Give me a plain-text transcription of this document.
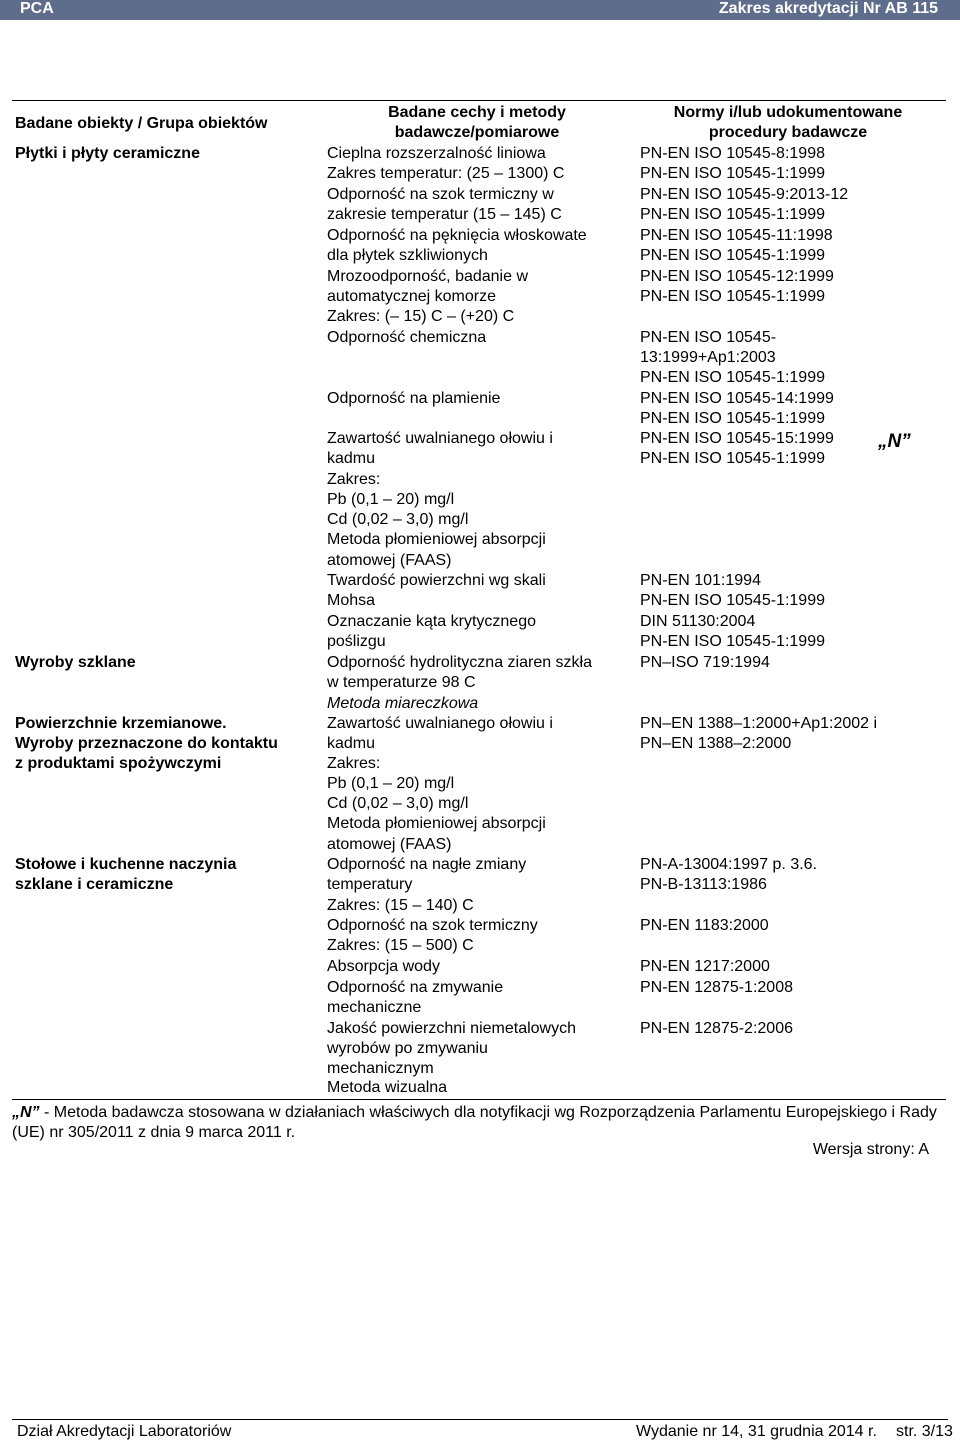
PCA	Zakres akredytacji Nr AB 115
Badane obiekty / Grupa obiektów
Badane cechy i metody
badawcze/pomiarowe
Normy i/lub udokumentowane
procedury badawcze
Płytki i płyty ceramiczne
Wyroby szklane
Powierzchnie krzemianowe.
Wyroby przeznaczone do kontaktu
z produktami spożywczymi
Stołowe i kuchenne naczynia
szklane i ceramiczne
Cieplna rozszerzalność liniowa
Zakres temperatur: (25 – 1300) C
Odporność na szok termiczny w
zakresie temperatur (15 – 145) C
Odporność na pęknięcia włoskowate
dla płytek szkliwionych
Mrozoodporność, badanie w
automatycznej komorze
Zakres: (– 15) C – (+20) C
Odporność chemiczna
Odporność na plamienie
Zawartość uwalnianego ołowiu i
kadmu
Zakres:
Pb (0,1 – 20) mg/l
Cd (0,02 – 3,0) mg/l
Metoda płomieniowej absorpcji
atomowej (FAAS)
Twardość powierzchni wg skali
Mohsa
Oznaczanie kąta krytycznego
poślizgu
Odporność hydrolityczna ziaren szkła
w temperaturze 98 C
Metoda miareczkowa
Zawartość uwalnianego ołowiu i
kadmu
Zakres:
Pb (0,1 – 20) mg/l
Cd (0,02 – 3,0) mg/l
Metoda płomieniowej absorpcji
atomowej (FAAS)
Odporność na nagłe zmiany
temperatury
Zakres: (15 – 140) C
Odporność na szok termiczny
Zakres: (15 – 500) C
Absorpcja wody
Odporność na zmywanie
mechaniczne
Jakość powierzchni niemetalowych
wyrobów po zmywaniu
mechanicznym
Metoda wizualna
PN-EN ISO 10545-8:1998
PN-EN ISO 10545-1:1999
PN-EN ISO 10545-9:2013-12
PN-EN ISO 10545-1:1999
PN-EN ISO 10545-11:1998
PN-EN ISO 10545-1:1999
PN-EN ISO 10545-12:1999
PN-EN ISO 10545-1:1999
PN-EN ISO 10545-
13:1999+Ap1:2003
PN-EN ISO 10545-1:1999
PN-EN ISO 10545-14:1999
PN-EN ISO 10545-1:1999
PN-EN ISO 10545-15:1999
PN-EN ISO 10545-1:1999
PN-EN 101:1994
PN-EN ISO 10545-1:1999
DIN 51130:2004
PN-EN ISO 10545-1:1999
PN–ISO 719:1994
PN–EN 1388–1:2000+Ap1:2002 i
PN–EN 1388–2:2000
PN-A-13004:1997 p. 3.6.
PN-B-13113:1986
PN-EN 1183:2000
PN-EN 1217:2000
PN-EN 12875-1:2008
PN-EN 12875-2:2006
„N”
„N” - Metoda badawcza stosowana w działaniach właściwych dla notyfikacji wg Rozporządzenia Parlamentu Europejskiego i Rady (UE) nr 305/2011 z dnia 9 marca 2011 r.
Wersja strony: A
Dział Akredytacji Laboratoriów	Wydanie nr 14, 31 grudnia 2014 r. str. 3/13
